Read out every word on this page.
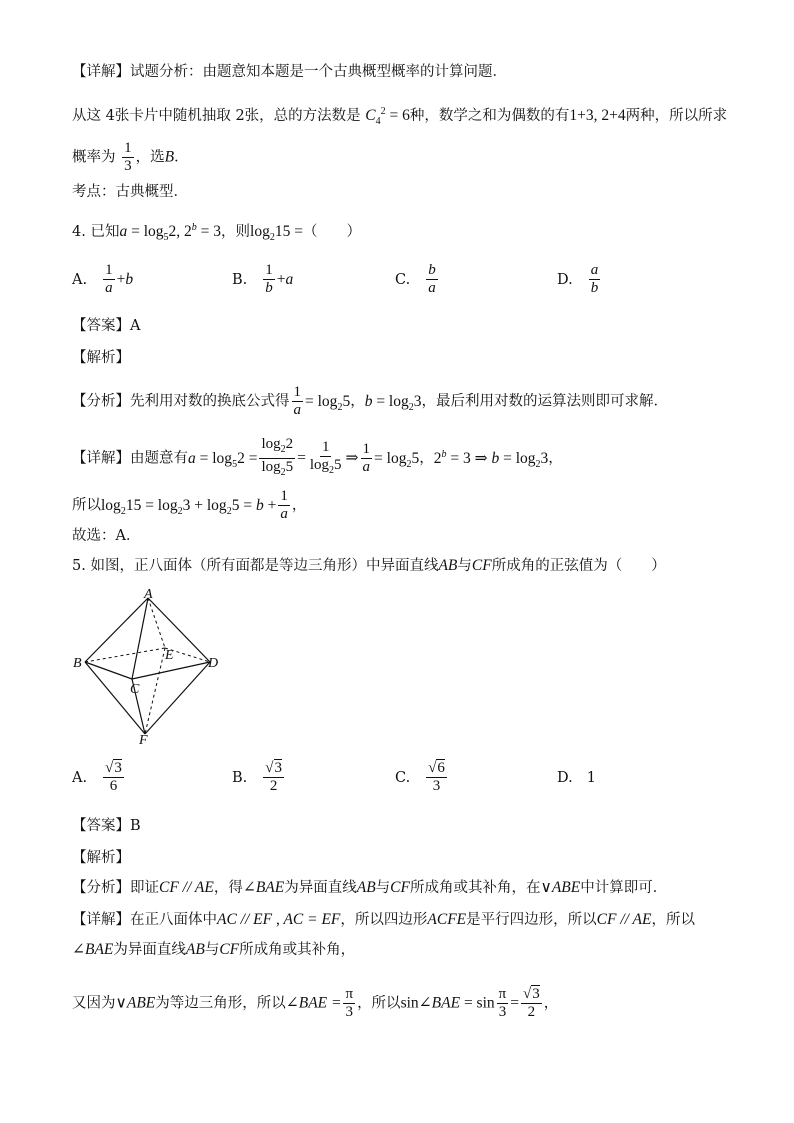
【详解】试题分析：由题意知本题是一个古典概型概率的计算问题．
从这 4张卡片中随机抽取 2张，总的方法数是 $C_4^2 = 6$种，数学之和为偶数的有1+3, 2+4两种，所以所求
概率为 $\frac{1}{3}$ ，选B．
考点：古典概型．
4. 已知$a = \log_52$, $2^b = 3$，则$\log_215$ =（　　）
A. $\frac{1}{a} +b$	B. $\frac{1}{b} +a$	C. $\frac{b}{a}$	D. $\frac{a}{b}$
【答案】A
【解析】
【分析】先利用对数的换底公式得 $\frac{1}{a} = \log_25$，$b = \log_23$，最后利用对数的运算法则即可求解．
【详解】由题意有$a = \log_52 = \frac{\log_22}{\log_25} = \frac{1}{\log_25}$ ⇒ $\frac{1}{a} = \log_25$，$2^b = 3$ ⇒ $b = \log_23$，
所以$\log_215 = \log_23 + \log_25 = b + \frac{1}{a}$ ，
故选：A．
5. 如图，正八面体（所有面都是等边三角形）中异面直线AB与CF所成角的正弦值为（　　）
A
B
C
D
E
F
A. $\frac{√3}{6}$	B. $\frac{√3}{2}$	C. $\frac{√6}{3}$	D. 1
【答案】B
【解析】
【分析】即证CF // AE，得∠BAE为异面直线AB与CF所成角或其补角，在∨ABE中计算即可．
【详解】在正八面体中AC // EF , AC = EF，所以四边形ACFE是平行四边形，所以CF // AE，所以
∠BAE为异面直线AB与CF所成角或其补角，
又因为∨ABE为等边三角形，所以∠BAE = $\frac{\pi}{3}$ ，所以sin∠BAE = $\sin \frac{\pi}{3} = \frac{√3}{2}$ ，
